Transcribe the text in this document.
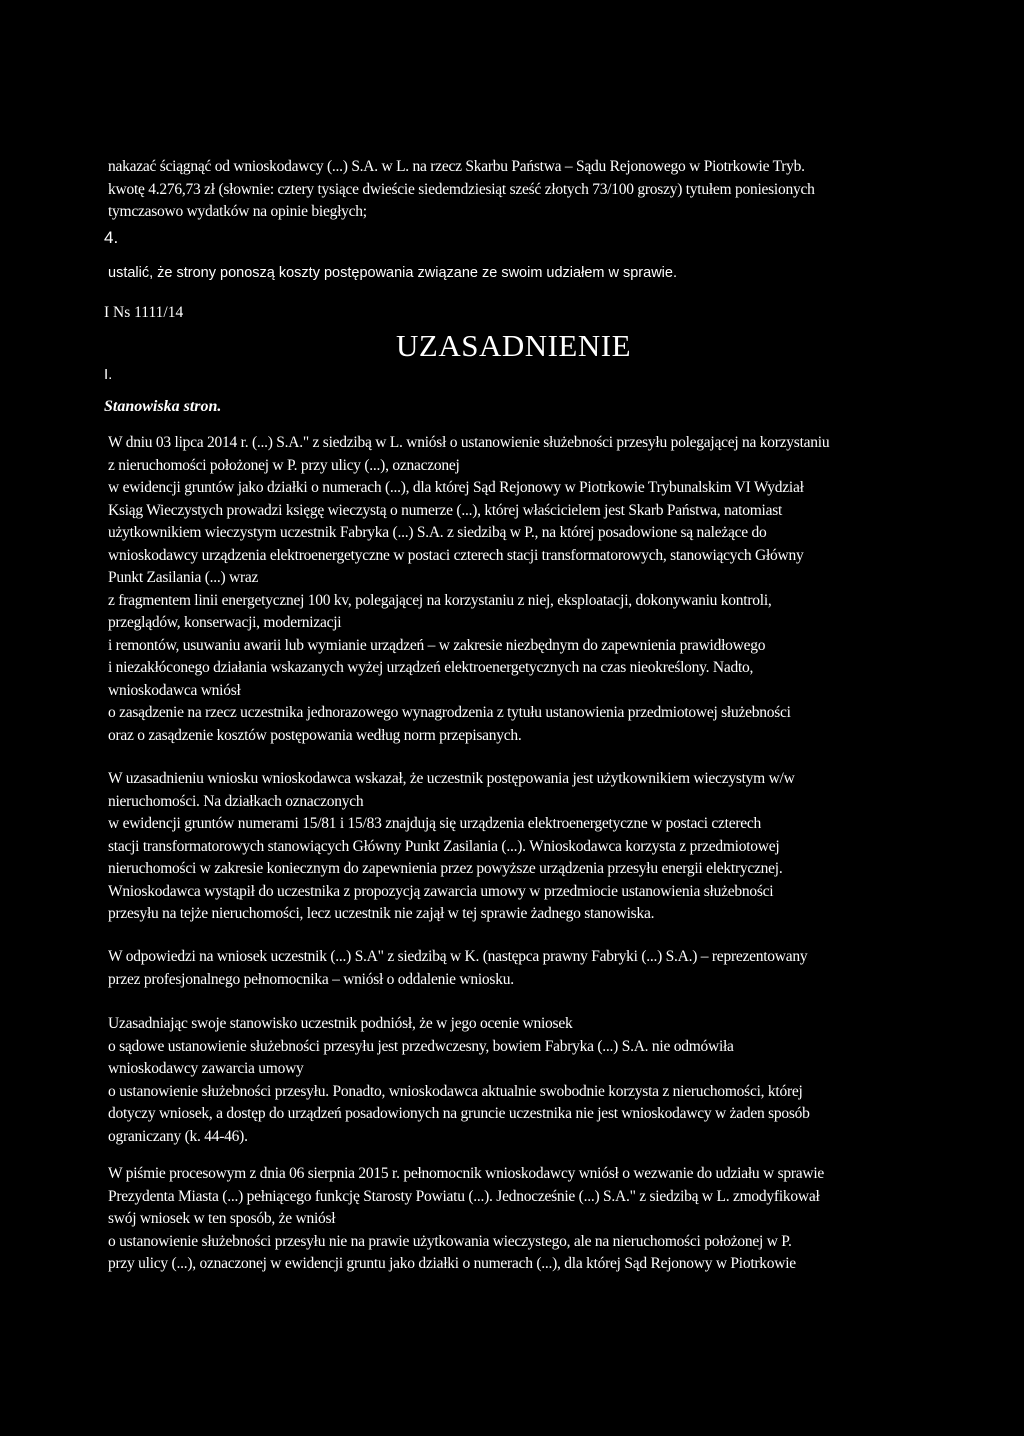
nakazać ściągnąć od wnioskodawcy (...) S.A. w L. na rzecz Skarbu Państwa – Sądu Rejonowego w Piotrkowie Tryb.
kwotę 4.276,73 zł (słownie: cztery tysiące dwieście siedemdziesiąt sześć złotych 73/100 groszy) tytułem poniesionych
tymczasowo wydatków na opinie biegłych;

4.

ustalić, że strony ponoszą koszty postępowania związane ze swoim udziałem w sprawie.

I Ns 1111/14

UZASADNIENIE

I.

Stanowiska stron.

W dniu 03 lipca 2014 r. (...) S.A." z siedzibą w L. wniósł o ustanowienie służebności przesyłu polegającej na korzystaniu
z nieruchomości położonej w P. przy ulicy (...), oznaczonej
w ewidencji gruntów jako działki o numerach (...), dla której Sąd Rejonowy w Piotrkowie Trybunalskim VI Wydział
Ksiąg Wieczystych prowadzi księgę wieczystą o numerze (...), której właścicielem jest Skarb Państwa, natomiast
użytkownikiem wieczystym uczestnik Fabryka (...) S.A. z siedzibą w P., na której posadowione są należące do
wnioskodawcy urządzenia elektroenergetyczne w postaci czterech stacji transformatorowych, stanowiących Główny
Punkt Zasilania (...) wraz
z fragmentem linii energetycznej 100 kv, polegającej na korzystaniu z niej, eksploatacji, dokonywaniu kontroli,
przeglądów, konserwacji, modernizacji
i remontów, usuwaniu awarii lub wymianie urządzeń – w zakresie niezbędnym do zapewnienia prawidłowego
i niezakłóconego działania wskazanych wyżej urządzeń elektroenergetycznych na czas nieokreślony. Nadto,
wnioskodawca wniósł
o zasądzenie na rzecz uczestnika jednorazowego wynagrodzenia z tytułu ustanowienia przedmiotowej służebności
oraz o zasądzenie kosztów postępowania według norm przepisanych.
W uzasadnieniu wniosku wnioskodawca wskazał, że uczestnik postępowania jest użytkownikiem wieczystym w/w
nieruchomości. Na działkach oznaczonych
w ewidencji gruntów numerami 15/81 i 15/83 znajdują się urządzenia elektroenergetyczne w postaci czterech
stacji transformatorowych stanowiących Główny Punkt Zasilania (...). Wnioskodawca korzysta z przedmiotowej
nieruchomości w zakresie koniecznym do zapewnienia przez powyższe urządzenia przesyłu energii elektrycznej.
Wnioskodawca wystąpił do uczestnika z propozycją zawarcia umowy w przedmiocie ustanowienia służebności
przesyłu na tejże nieruchomości, lecz uczestnik nie zajął w tej sprawie żadnego stanowiska.
W odpowiedzi na wniosek uczestnik (...) S.A" z siedzibą w K. (następca prawny Fabryki (...) S.A.) – reprezentowany
przez profesjonalnego pełnomocnika – wniósł o oddalenie wniosku.
Uzasadniając swoje stanowisko uczestnik podniósł, że w jego ocenie wniosek
o sądowe ustanowienie służebności przesyłu jest przedwczesny, bowiem Fabryka (...) S.A. nie odmówiła
wnioskodawcy zawarcia umowy
o ustanowienie służebności przesyłu. Ponadto, wnioskodawca aktualnie swobodnie korzysta z nieruchomości, której
dotyczy wniosek, a dostęp do urządzeń posadowionych na gruncie uczestnika nie jest wnioskodawcy w żaden sposób
ograniczany (k. 44-46).
W piśmie procesowym z dnia 06 sierpnia 2015 r. pełnomocnik wnioskodawcy wniósł o wezwanie do udziału w sprawie
Prezydenta Miasta (...) pełniącego funkcję Starosty Powiatu (...). Jednocześnie (...) S.A." z siedzibą w L. zmodyfikował
swój wniosek w ten sposób, że wniósł
o ustanowienie służebności przesyłu nie na prawie użytkowania wieczystego, ale na nieruchomości położonej w P.
przy ulicy (...), oznaczonej w ewidencji gruntu jako działki o numerach (...), dla której Sąd Rejonowy w Piotrkowie
